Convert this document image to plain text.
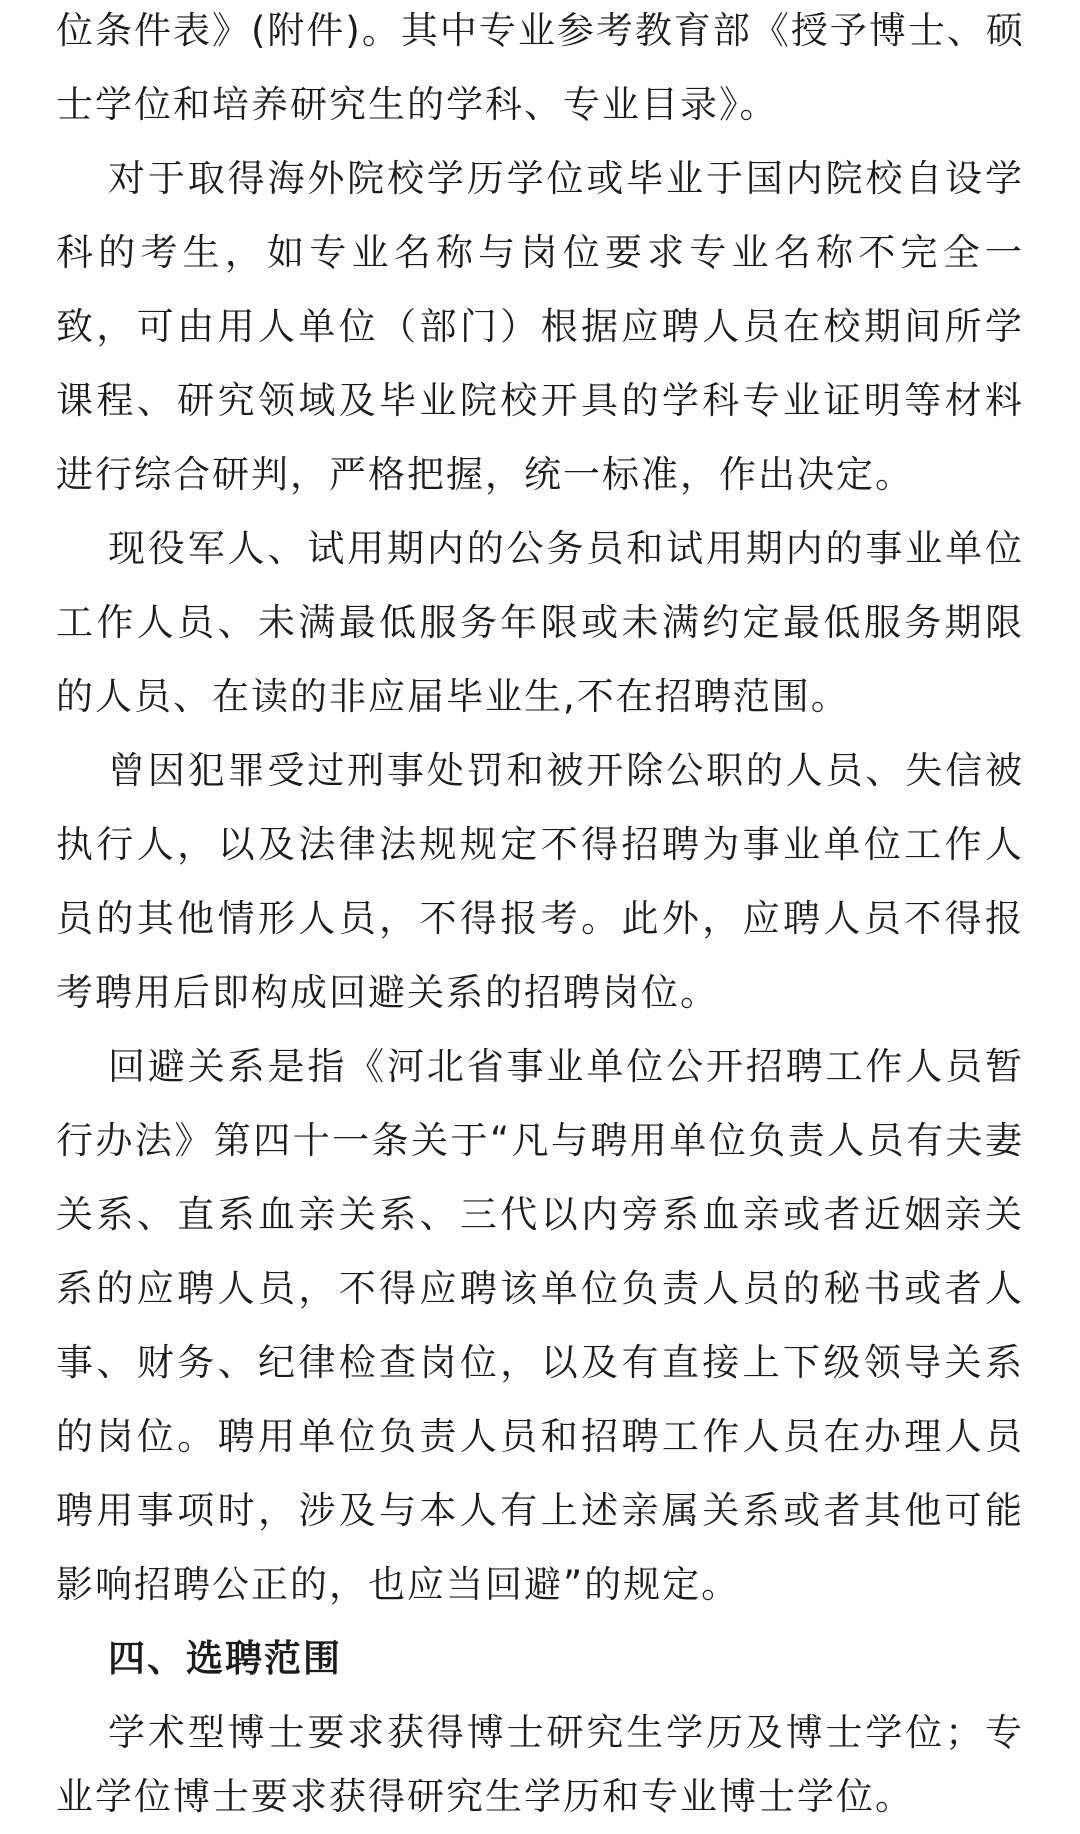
位条件表》(附件)。其中专业参考教育部《授予博士、硕
士学位和培养研究生的学科、专业目录》。
对于取得海外院校学历学位或毕业于国内院校自设学
科的考生，如专业名称与岗位要求专业名称不完全一
致，可由用人单位（部门）根据应聘人员在校期间所学
课程、研究领域及毕业院校开具的学科专业证明等材料
进行综合研判，严格把握，统一标准，作出决定。
现役军人、试用期内的公务员和试用期内的事业单位
工作人员、未满最低服务年限或未满约定最低服务期限
的人员、在读的非应届毕业生,不在招聘范围。
曾因犯罪受过刑事处罚和被开除公职的人员、失信被
执行人，以及法律法规规定不得招聘为事业单位工作人
员的其他情形人员，不得报考。此外，应聘人员不得报
考聘用后即构成回避关系的招聘岗位。
回避关系是指《河北省事业单位公开招聘工作人员暂
行办法》第四十一条关于“凡与聘用单位负责人员有夫妻
关系、直系血亲关系、三代以内旁系血亲或者近姻亲关
系的应聘人员，不得应聘该单位负责人员的秘书或者人
事、财务、纪律检查岗位，以及有直接上下级领导关系
的岗位。聘用单位负责人员和招聘工作人员在办理人员
聘用事项时，涉及与本人有上述亲属关系或者其他可能
影响招聘公正的，也应当回避”的规定。
四、选聘范围
学术型博士要求获得博士研究生学历及博士学位；专
业学位博士要求获得研究生学历和专业博士学位。
